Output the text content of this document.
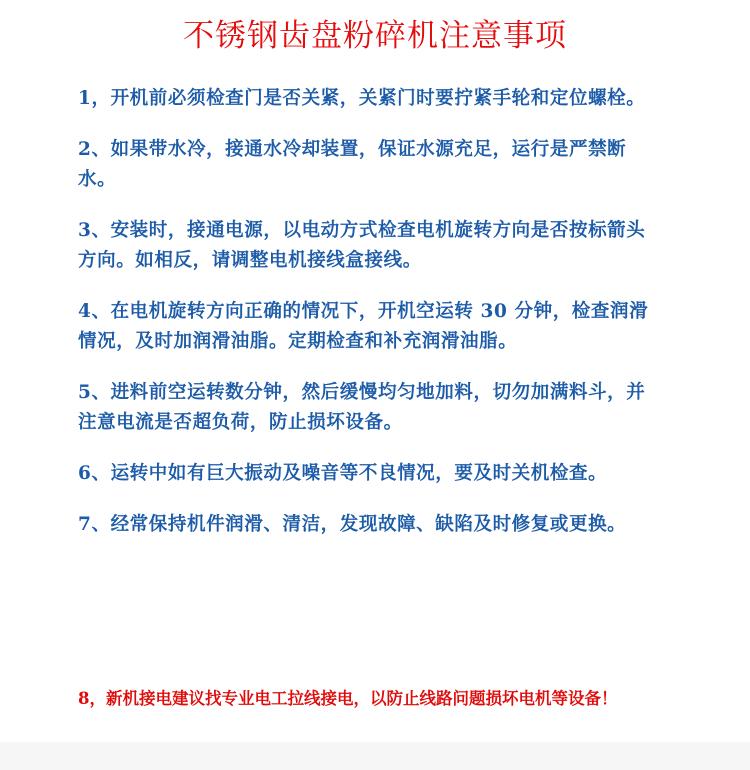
不锈钢齿盘粉碎机注意事项
1，开机前必须检查门是否关紧，关紧门时要拧紧手轮和定位螺栓。
2、如果带水冷，接通水冷却装置，保证水源充足，运行是严禁断水。
3、安装时，接通电源，以电动方式检查电机旋转方向是否按标箭头方向。如相反，请调整电机接线盒接线。
4、在电机旋转方向正确的情况下，开机空运转 30 分钟，检查润滑情况，及时加润滑油脂。定期检查和补充润滑油脂。
5、进料前空运转数分钟，然后缓慢均匀地加料，切勿加满料斗，并注意电流是否超负荷，防止损坏设备。
6、运转中如有巨大振动及噪音等不良情况，要及时关机检查。
7、经常保持机件润滑、清洁，发现故障、缺陷及时修复或更换。

8，新机接电建议找专业电工拉线接电，以防止线路问题损坏电机等设备！
